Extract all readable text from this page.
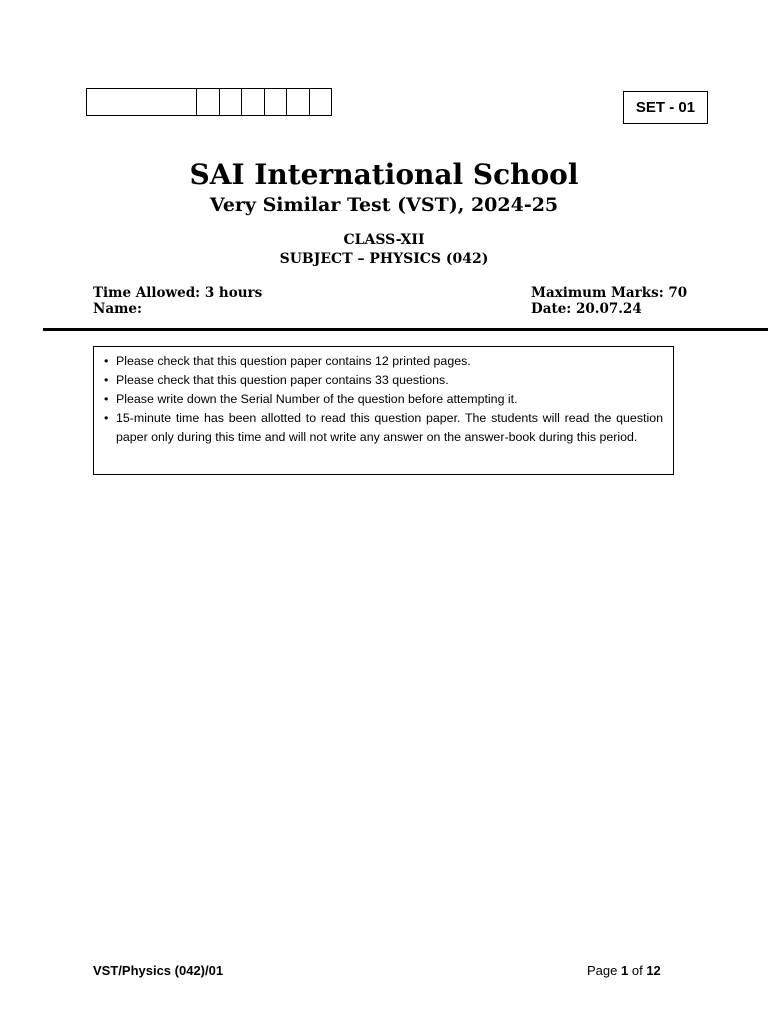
SET - 01
SAI International School
Very Similar Test (VST), 2024-25
CLASS-XII
SUBJECT – PHYSICS (042)
Time Allowed: 3 hours
Name:
Maximum Marks: 70
Date: 20.07.24
• Please check that this question paper contains 12 printed pages.
• Please check that this question paper contains 33 questions.
• Please write down the Serial Number of the question before attempting it.
• 15-minute time has been allotted to read this question paper. The students will read the question paper only during this time and will not write any answer on the answer-book during this period.
VST/Physics (042)/01	Page 1 of 12
